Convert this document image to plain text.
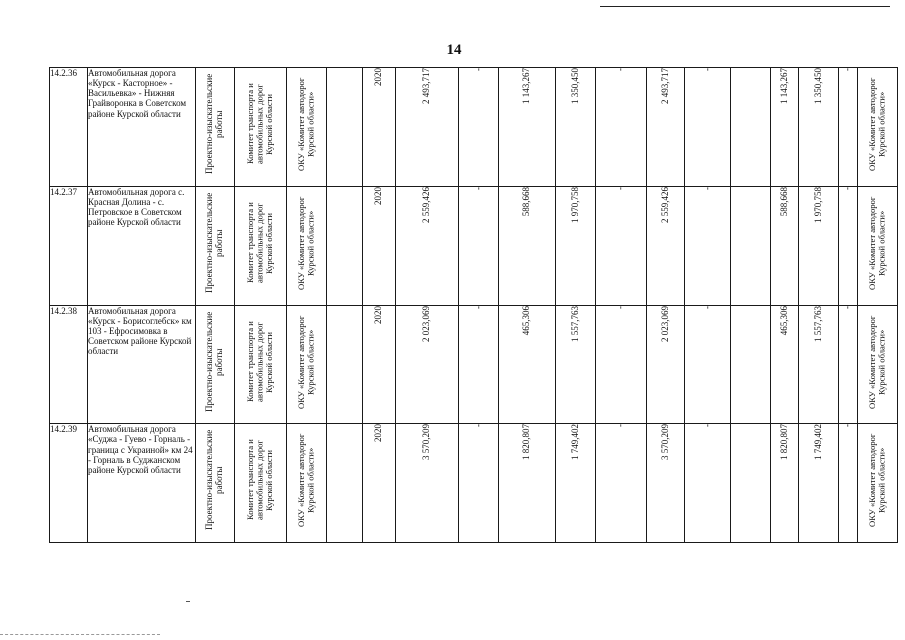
14
14.2.36	Автомобильная дорога «Курск - Касторное» - Васильевка» - Нижняя Грайворонка в Советском районе Курской области	Проектно-изыскательские работы	Комитет транспорта и автомобильных дорог Курской области	ОКУ «Комитет автодорог Курской области»		2020	2 493,717	-	1 143,267	1 350,450	-	2 493,717	-		1 143,267	1 350,450	-	ОКУ «Комитет автодорог Курской области»

14.2.37	Автомобильная дорога с. Красная Долина - с. Петровское в Советском районе Курской области	Проектно-изыскательские работы	Комитет транспорта и автомобильных дорог Курской области	ОКУ «Комитет автодорог Курской области»		2020	2 559,426	-	588,668	1 970,758	-	2 559,426	-		588,668	1 970,758	-	ОКУ «Комитет автодорог Курской области»

14.2.38	Автомобильная дорога «Курск - Борисоглебск» км 103 - Ефросимовка в Советском районе Курской области	Проектно-изыскательские работы	Комитет транспорта и автомобильных дорог Курской области	ОКУ «Комитет автодорог Курской области»		2020	2 023,069	-	465,306	1 557,763	-	2 023,069	-		465,306	1 557,763	-	ОКУ «Комитет автодорог Курской области»

14.2.39	Автомобильная дорога «Суджа - Гуево - Горналь - граница с Украиной» км 24 - Горналь в Суджанском районе Курской области	Проектно-изыскательские работы	Комитет транспорта и автомобильных дорог Курской области	ОКУ «Комитет автодорог Курской области»		2020	3 570,209	-	1 820,807	1 749,402	-	3 570,209	-		1 820,807	1 749,402	-	ОКУ «Комитет автодорог Курской области»
